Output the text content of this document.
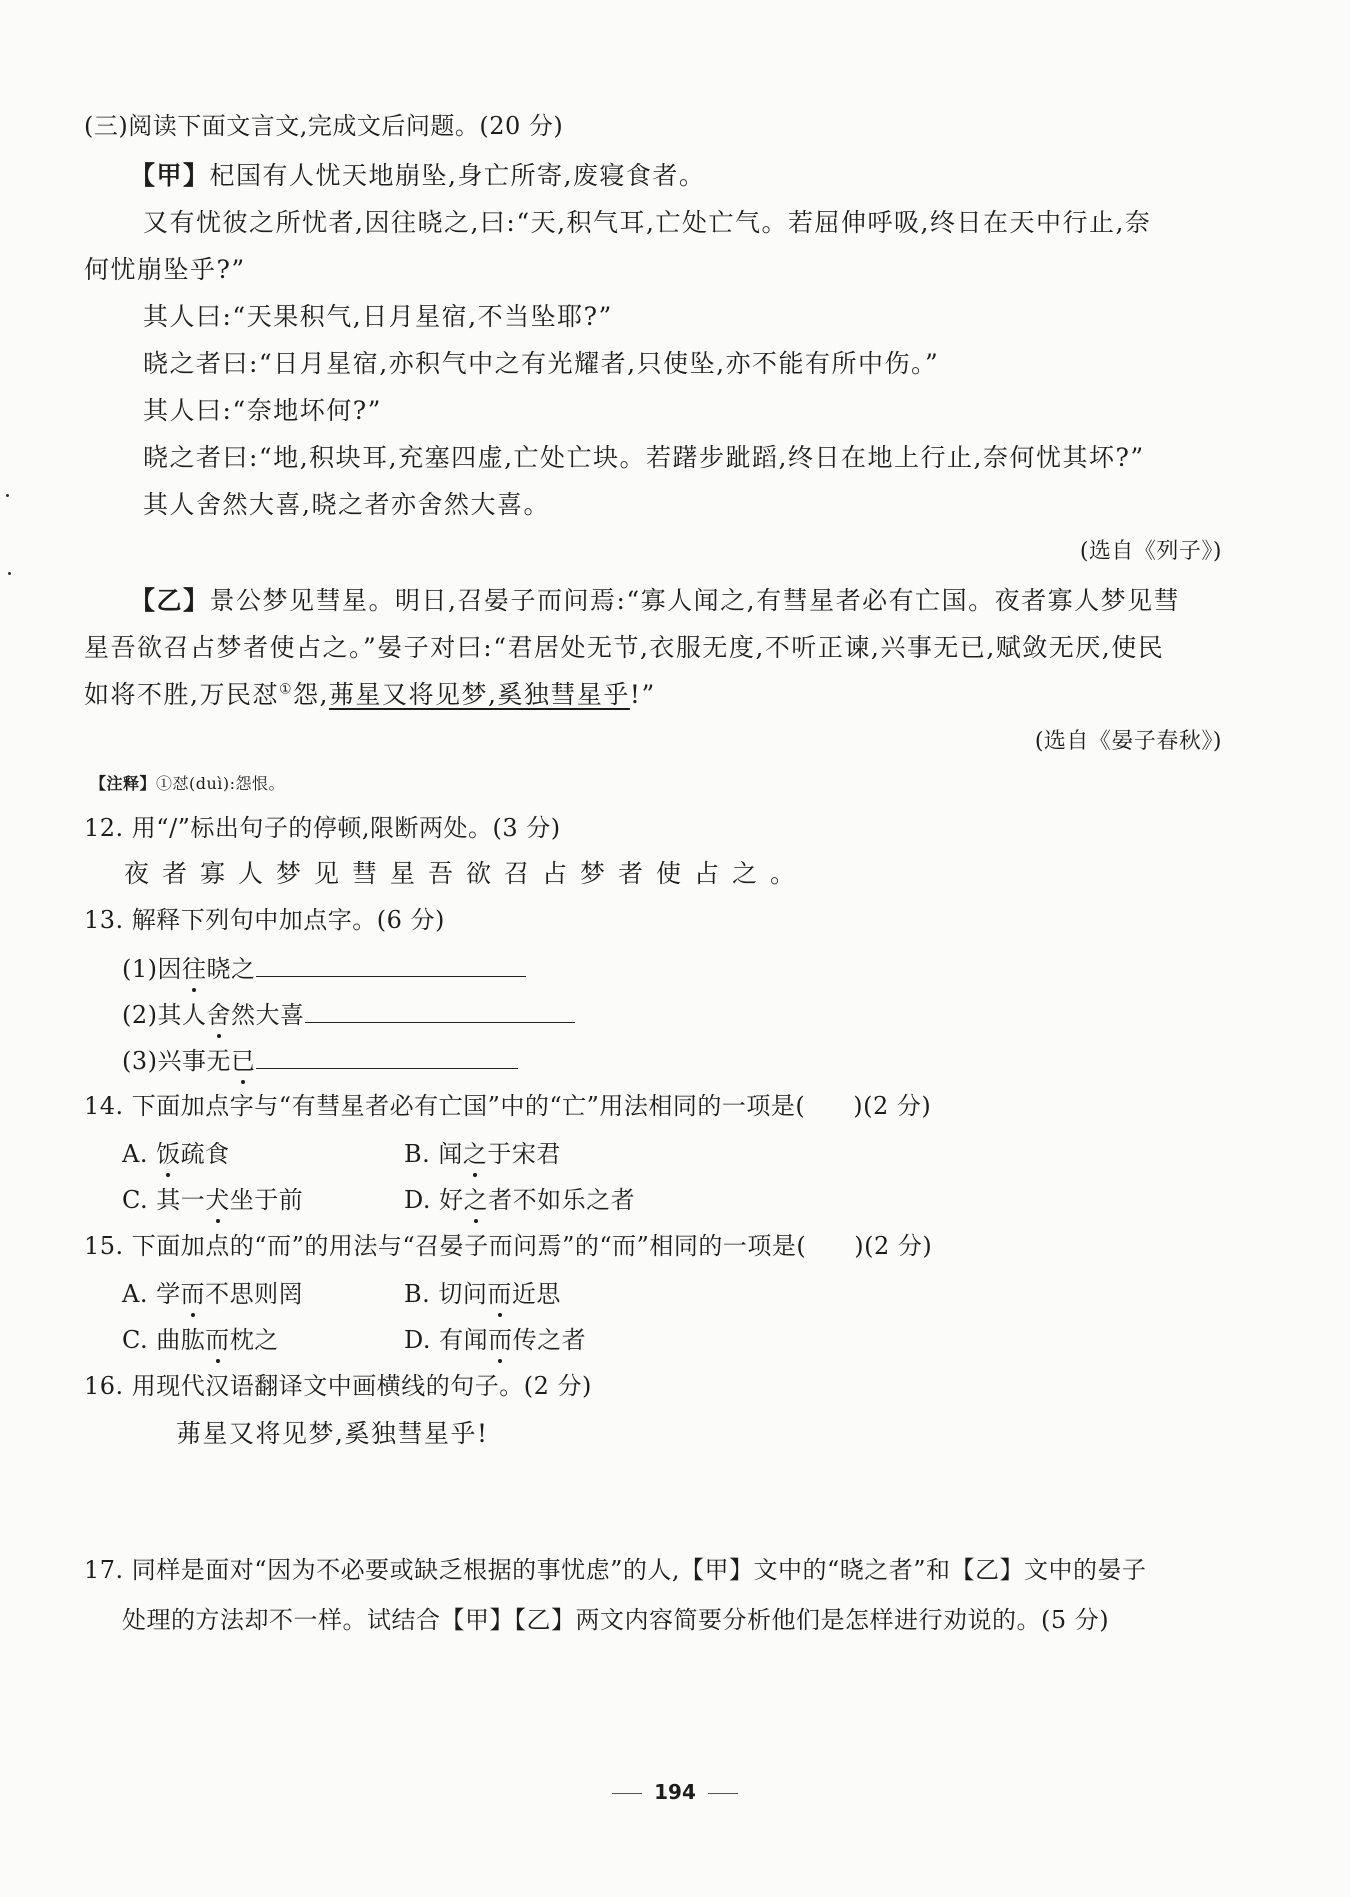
(三)阅读下面文言文,完成文后问题。(20 分)
【甲】杞国有人忧天地崩坠,身亡所寄,废寝食者。
又有忧彼之所忧者,因往晓之,曰:“天,积气耳,亡处亡气。若屈伸呼吸,终日在天中行止,奈
何忧崩坠乎?”
其人曰:“天果积气,日月星宿,不当坠耶?”
晓之者曰:“日月星宿,亦积气中之有光耀者,只使坠,亦不能有所中伤。”
其人曰:“奈地坏何?”
晓之者曰:“地,积块耳,充塞四虚,亡处亡块。若躇步跐蹈,终日在地上行止,奈何忧其坏?”
其人舍然大喜,晓之者亦舍然大喜。
(选自《列子》)
【乙】景公梦见彗星。明日,召晏子而问焉:“寡人闻之,有彗星者必有亡国。夜者寡人梦见彗
星吾欲召占梦者使占之。”晏子对曰:“君居处无节,衣服无度,不听正谏,兴事无已,赋敛无厌,使民
如将不胜,万民怼①怨,茀星又将见梦,奚独彗星乎!”
(选自《晏子春秋》)
【注释】①怼(duì):怨恨。
12. 用“/”标出句子的停顿,限断两处。(3 分)
夜者寡人梦见彗星吾欲召占梦者使占之。
13. 解释下列句中加点字。(6 分)
(1)因往晓之
(2)其人舍然大喜
(3)兴事无已
14. 下面加点字与“有彗星者必有亡国”中的“亡”用法相同的一项是( )(2 分)
A. 饭疏食	B. 闻之于宋君
C. 其一犬坐于前	D. 好之者不如乐之者
15. 下面加点的“而”的用法与“召晏子而问焉”的“而”相同的一项是( )(2 分)
A. 学而不思则罔	B. 切问而近思
C. 曲肱而枕之	D. 有闻而传之者
16. 用现代汉语翻译文中画横线的句子。(2 分)
茀星又将见梦,奚独彗星乎!
17. 同样是面对“因为不必要或缺乏根据的事忧虑”的人,【甲】文中的“晓之者”和【乙】文中的晏子
处理的方法却不一样。试结合【甲】【乙】两文内容简要分析他们是怎样进行劝说的。(5 分)
194
